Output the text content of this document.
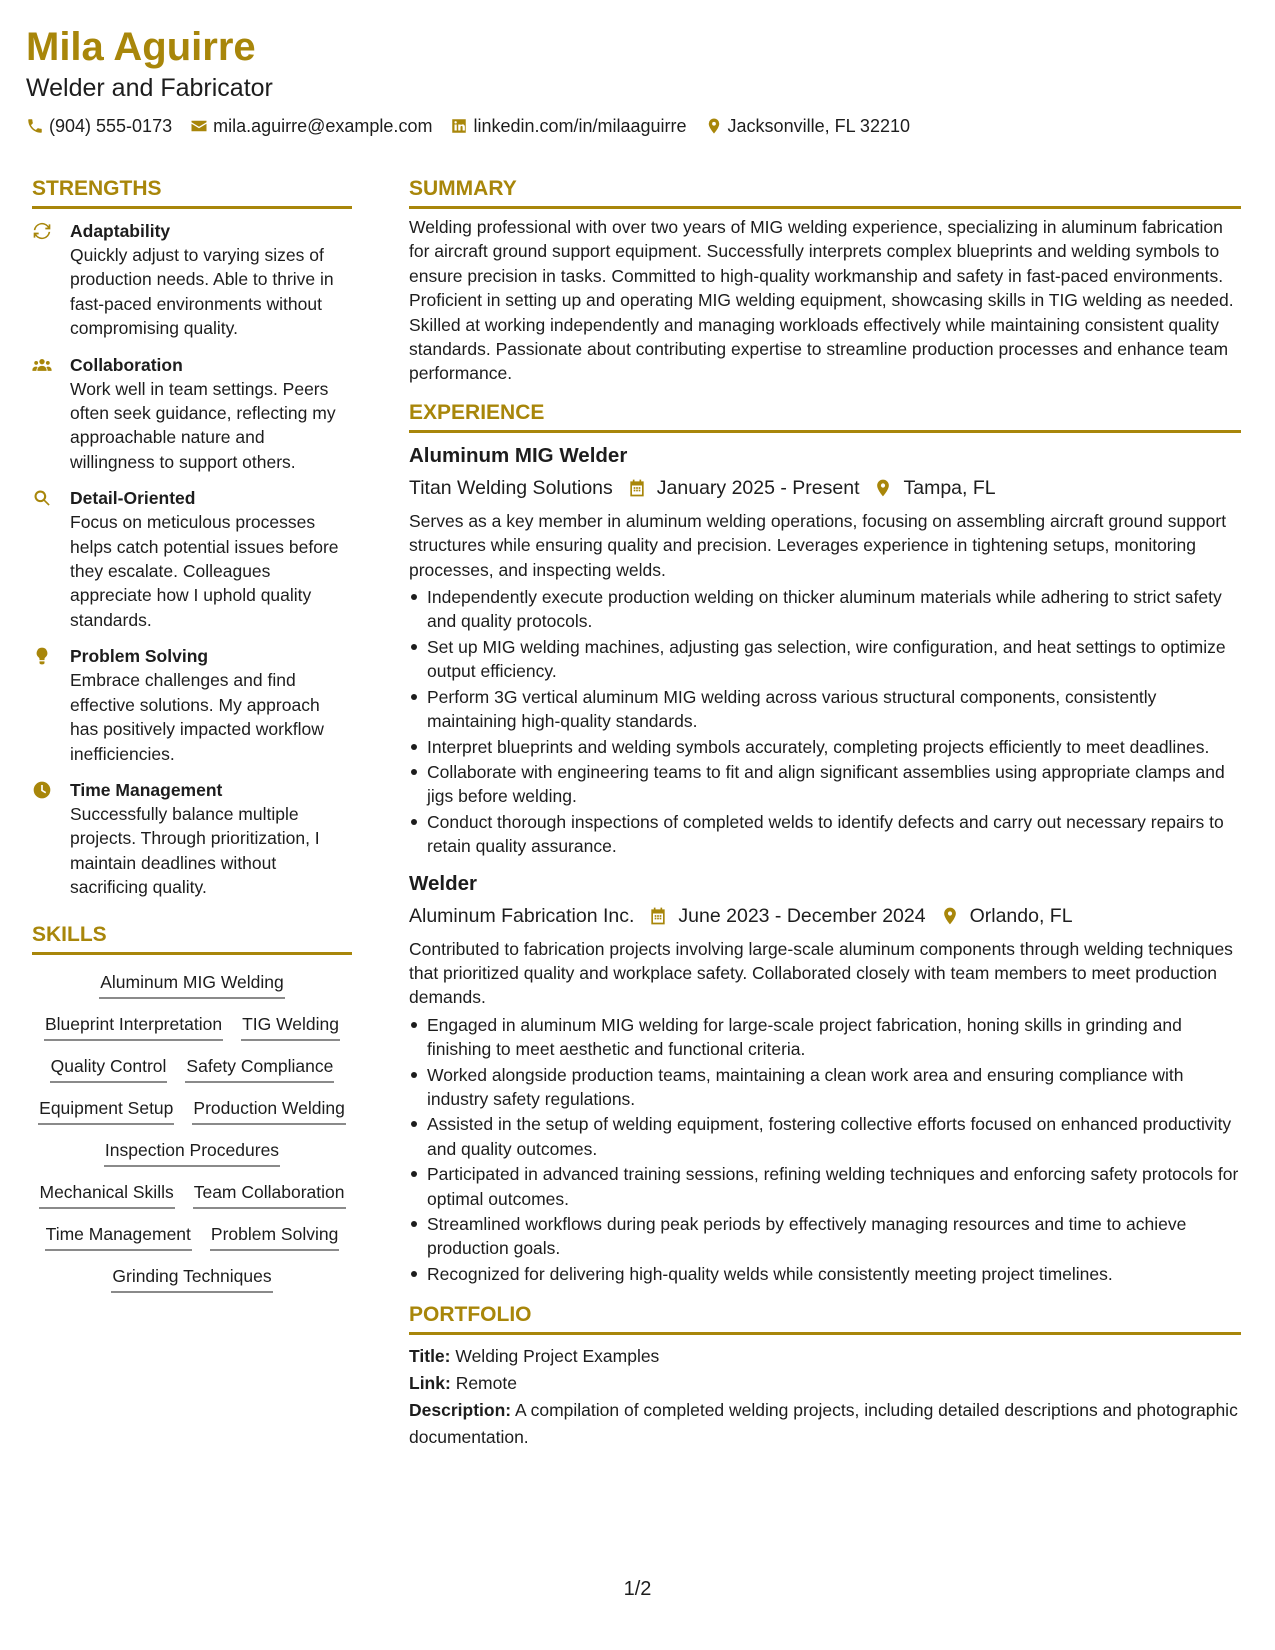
Mila Aguirre
Welder and Fabricator
(904) 555-0173 mila.aguirre@example.com linkedin.com/in/milaaguirre Jacksonville, FL 32210
STRENGTHS
Adaptability
Quickly adjust to varying sizes of production needs. Able to thrive in fast-paced environments without compromising quality.
Collaboration
Work well in team settings. Peers often seek guidance, reflecting my approachable nature and willingness to support others.
Detail-Oriented
Focus on meticulous processes helps catch potential issues before they escalate. Colleagues appreciate how I uphold quality standards.
Problem Solving
Embrace challenges and find effective solutions. My approach has positively impacted workflow inefficiencies.
Time Management
Successfully balance multiple projects. Through prioritization, I maintain deadlines without sacrificing quality.
SKILLS
Aluminum MIG Welding
Blueprint Interpretation TIG Welding
Quality Control Safety Compliance
Equipment Setup Production Welding
Inspection Procedures
Mechanical Skills Team Collaboration
Time Management Problem Solving
Grinding Techniques
SUMMARY

Welding professional with over two years of MIG welding experience, specializing in aluminum fabrication for aircraft ground support equipment. Successfully interprets complex blueprints and welding symbols to ensure precision in tasks. Committed to high-quality workmanship and safety in fast-paced environments. Proficient in setting up and operating MIG welding equipment, showcasing skills in TIG welding as needed. Skilled at working independently and managing workloads effectively while maintaining consistent quality standards. Passionate about contributing expertise to streamline production processes and enhance team performance.

EXPERIENCE
Aluminum MIG Welder
Titan Welding Solutions January 2025 - Present Tampa, FL

Serves as a key member in aluminum welding operations, focusing on assembling aircraft ground support structures while ensuring quality and precision. Leverages experience in tightening setups, monitoring processes, and inspecting welds.

Independently execute production welding on thicker aluminum materials while adhering to strict safety and quality protocols.
Set up MIG welding machines, adjusting gas selection, wire configuration, and heat settings to optimize output efficiency.
Perform 3G vertical aluminum MIG welding across various structural components, consistently maintaining high-quality standards.
Interpret blueprints and welding symbols accurately, completing projects efficiently to meet deadlines.
Collaborate with engineering teams to fit and align significant assemblies using appropriate clamps and jigs before welding.
Conduct thorough inspections of completed welds to identify defects and carry out necessary repairs to retain quality assurance.
Welder
Aluminum Fabrication Inc. June 2023 - December 2024 Orlando, FL

Contributed to fabrication projects involving large-scale aluminum components through welding techniques that prioritized quality and workplace safety. Collaborated closely with team members to meet production demands.

Engaged in aluminum MIG welding for large-scale project fabrication, honing skills in grinding and finishing to meet aesthetic and functional criteria.
Worked alongside production teams, maintaining a clean work area and ensuring compliance with industry safety regulations.
Assisted in the setup of welding equipment, fostering collective efforts focused on enhanced productivity and quality outcomes.
Participated in advanced training sessions, refining welding techniques and enforcing safety protocols for optimal outcomes.
Streamlined workflows during peak periods by effectively managing resources and time to achieve production goals.
Recognized for delivering high-quality welds while consistently meeting project timelines.
PORTFOLIO
Title: Welding Project Examples
Link: Remote
Description: A compilation of completed welding projects, including detailed descriptions and photographic documentation.
1/2
